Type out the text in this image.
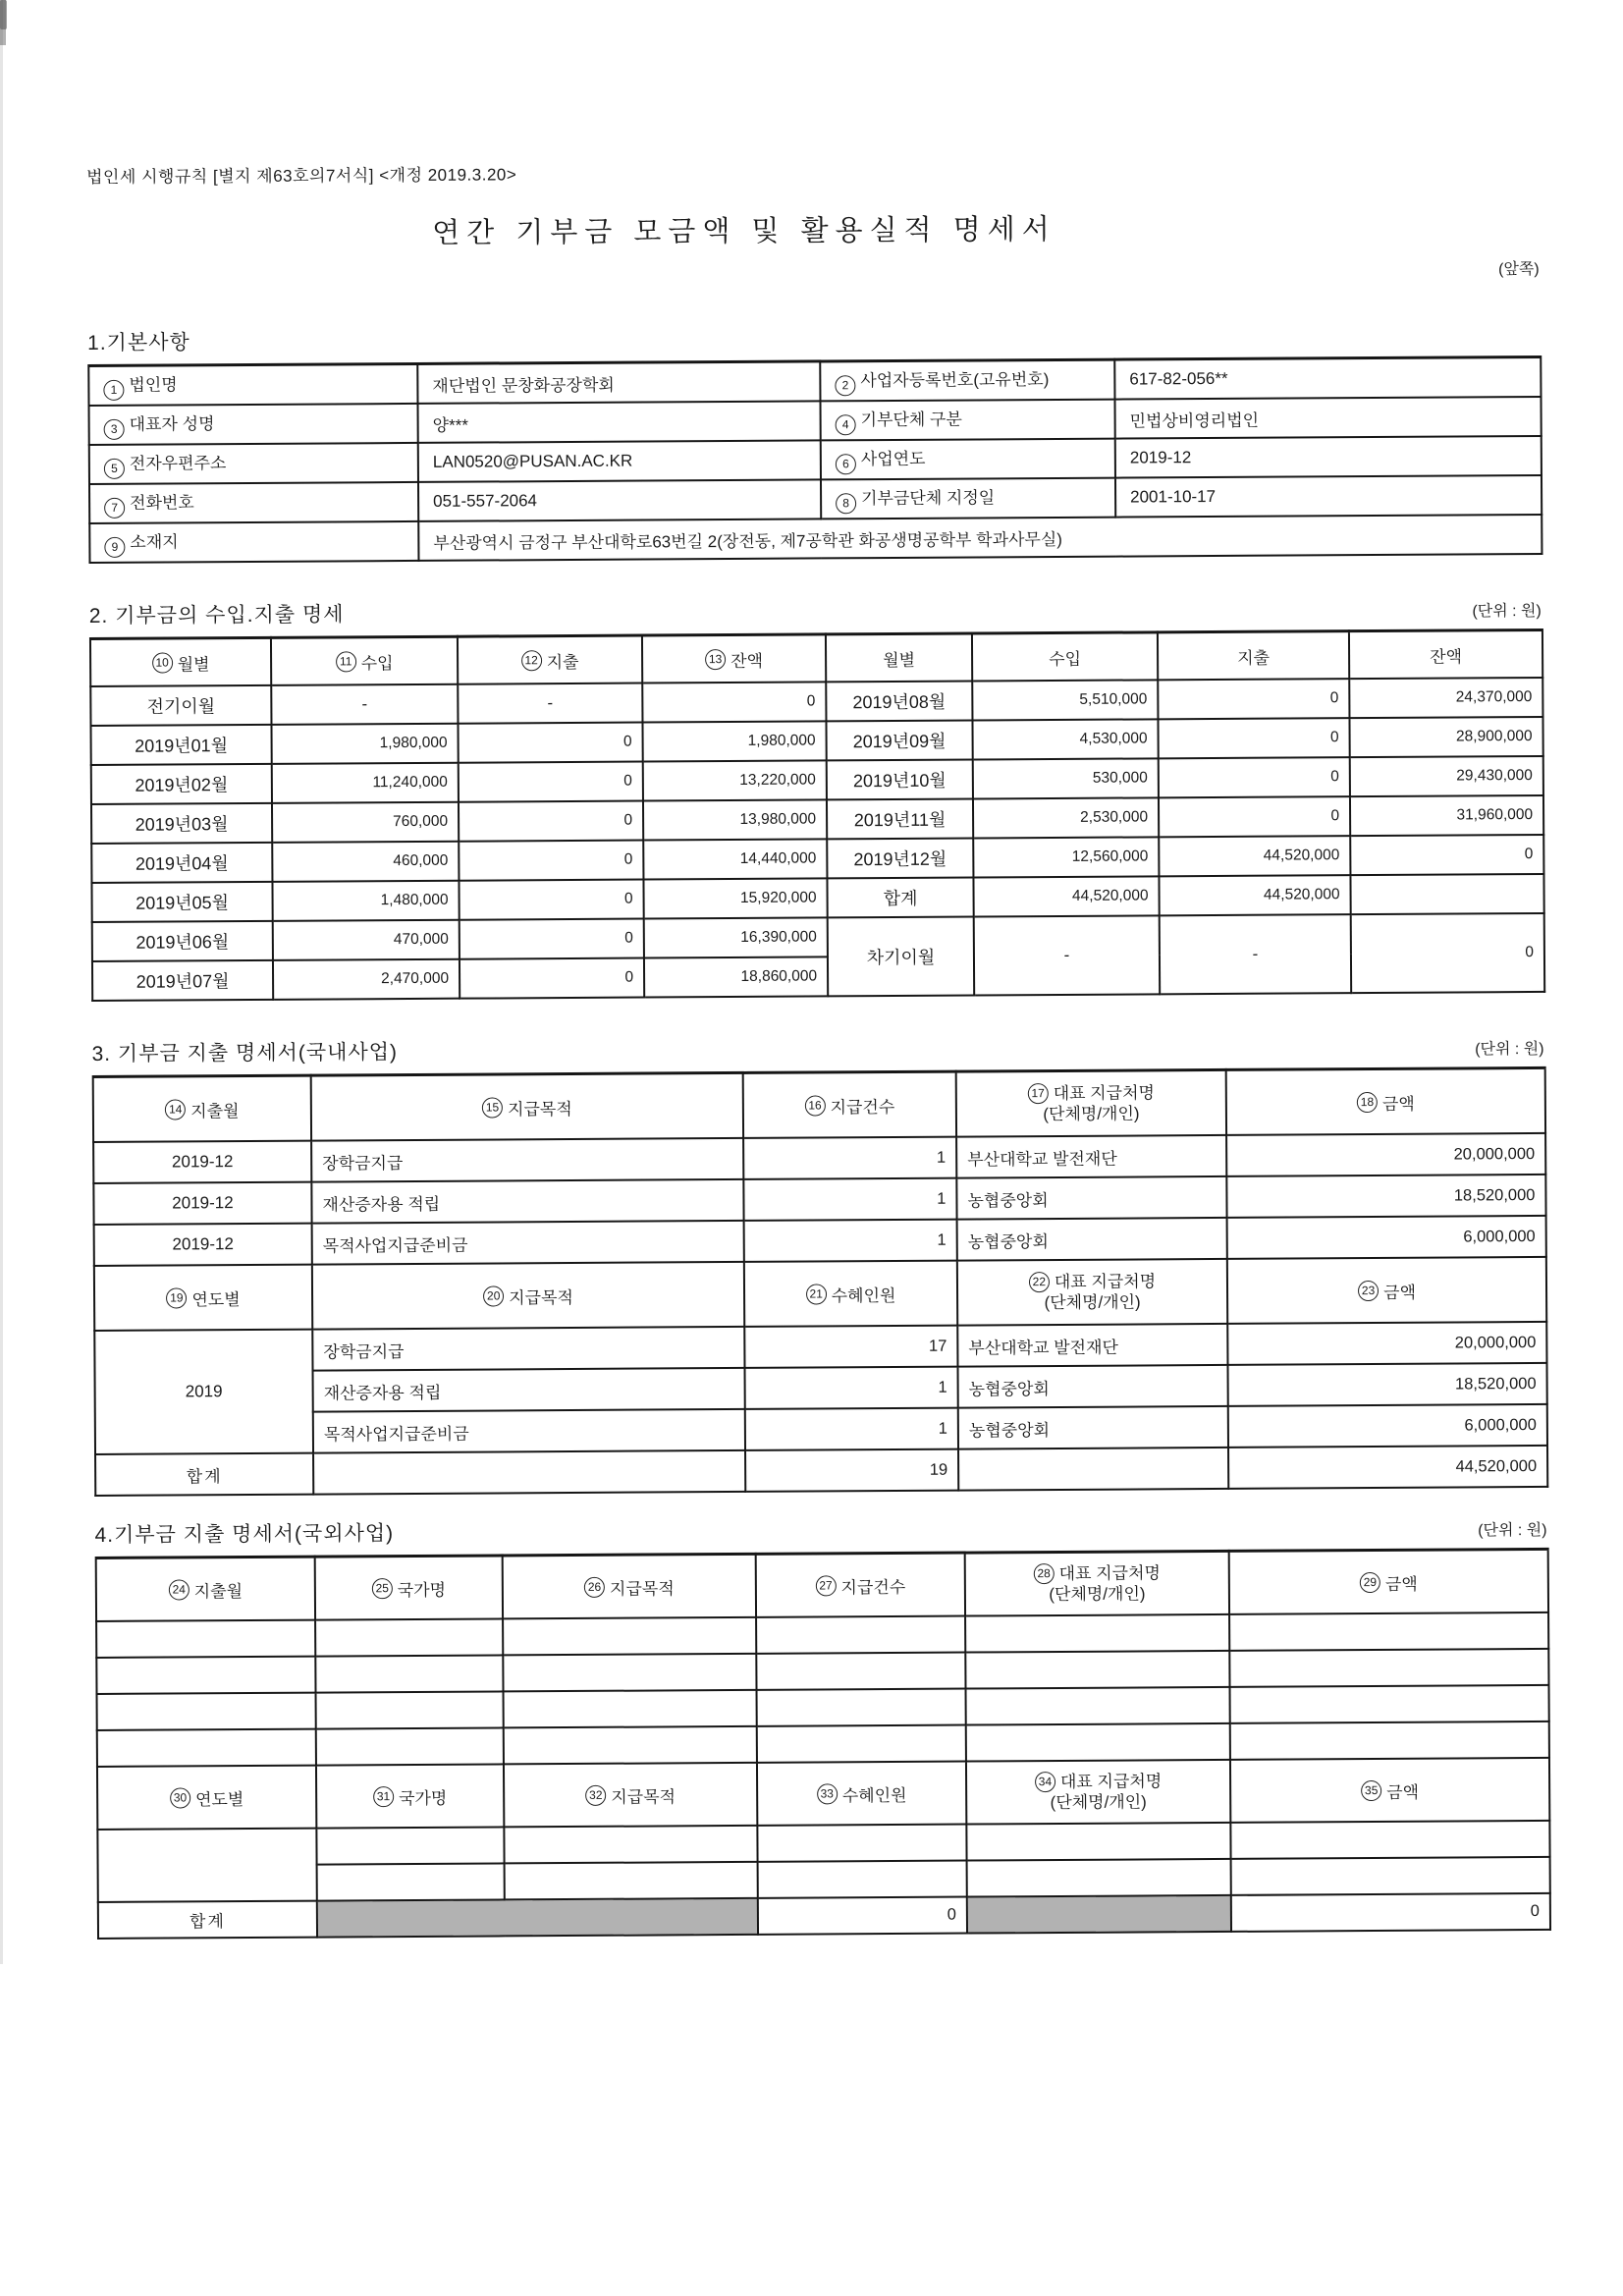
법인세 시행규칙 [별지 제63호의7서식] <개정 2019.3.20>
연간 기부금 모금액 및 활용실적 명세서
(앞쪽)
1.기본사항
1 법인명	재단법인 문창화공장학회	2 사업자등록번호(고유번호)	617-82-056**
3 대표자 성명	양***	4 기부단체 구분	민법상비영리법인
5 전자우편주소	LAN0520@PUSAN.AC.KR	6 사업연도	2019-12
7 전화번호	051-557-2064	8 기부금단체 지정일	2001-10-17
9 소재지	부산광역시 금정구 부산대학로63번길 2(장전동, 제7공학관 화공생명공학부 학과사무실)		
2. 기부금의 수입.지출 명세	(단위 : 원)
10 월별	11 수입	12 지출	13 잔액	월별	수입	지출	잔액
전기이월	-	-	0	2019년08월	5,510,000	0	24,370,000
2019년01월	1,980,000	0	1,980,000	2019년09월	4,530,000	0	28,900,000
2019년02월	11,240,000	0	13,220,000	2019년10월	530,000	0	29,430,000
2019년03월	760,000	0	13,980,000	2019년11월	2,530,000	0	31,960,000
2019년04월	460,000	0	14,440,000	2019년12월	12,560,000	44,520,000	0
2019년05월	1,480,000	0	15,920,000	합계	44,520,000	44,520,000	
2019년06월	470,000	0	16,390,000	차기이월	-	-	0
2019년07월	2,470,000	0	18,860,000				
3. 기부금 지출 명세서(국내사업)	(단위 : 원)
14 지출월	15 지급목적	16 지급건수	17 대표 지급처명
(단체명/개인)	18 금액

2019-12	장학금지급	1	부산대학교 발전재단	20,000,000
2019-12	재산증자용 적립	1	농협중앙회	18,520,000
2019-12	목적사업지급준비금	1	농협중앙회	6,000,000

19 연도별	20 지급목적	21 수혜인원	22 대표 지급처명
(단체명/개인)	23 금액

2019	장학금지급	17	부산대학교 발전재단	20,000,000
	재산증자용 적립	1	농협중앙회	18,520,000
	목적사업지급준비금	1	농협중앙회	6,000,000
합계		19		44,520,000
4.기부금 지출 명세서(국외사업)	(단위 : 원)
24 지출월	25 국가명	26 지급목적	27 지급건수	28 대표 지급처명
(단체명/개인)	29 금액

30 연도별	31 국가명	32 지급목적	33 수혜인원	34 대표 지급처명
(단체명/개인)	35 금액

합계			0		0
